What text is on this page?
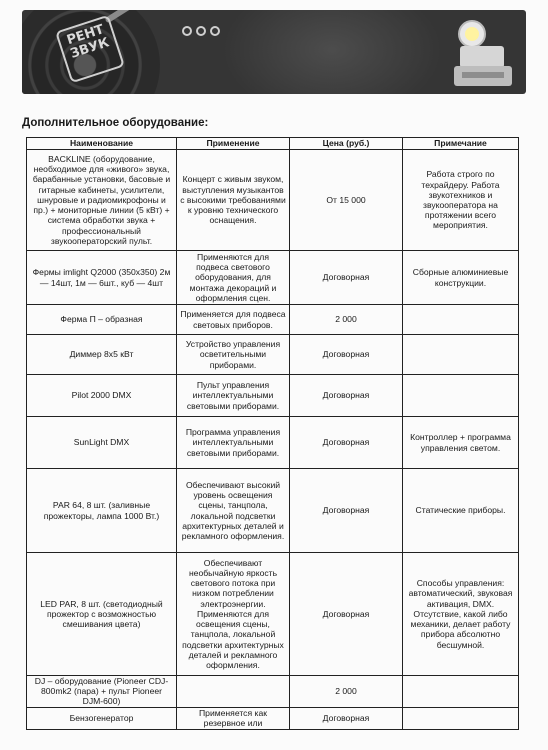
РЕНТ ЗВУК
Дополнительное оборудование:
Наименование	Применение	Цена (руб.)	Примечание
BACKLINE (оборудование, необходимое для «живого» звука, барабанные установки, басовые и гитарные кабинеты, усилители, шнуровые и радиомикрофоны и пр.) + мониторные линии (5 кВт) + система обработки звука + профессиональный звукооператорский пульт.	Концерт с живым звуком, выступления музыкантов с высокими требованиями к уровню технического оснащения.	От 15 000	Работа строго по техрайдеру. Работа звукотехников и звукооператора на протяжении всего мероприятия.
Фермы imlight Q2000 (350х350) 2м — 14шт, 1м — 6шт., куб — 4шт	Применяются для подвеса светового оборудования, для монтажа декораций и оформления сцен.	Договорная	Сборные алюминиевые конструкции.
Ферма П – образная	Применяется для подвеса световых приборов.	2 000	
Диммер 8х5 кВт	Устройство управления осветительными приборами.	Договорная	
Pilot 2000 DMX	Пульт управления интеллектуальными световыми приборами.	Договорная	
SunLight DMX	Программа управления интеллектуальными световыми приборами.	Договорная	Контроллер + программа управления светом.
PAR 64, 8 шт. (заливные прожекторы, лампа 1000 Вт.)	Обеспечивают высокий уровень освещения сцены, танцпола, локальной подсветки архитектурных деталей и рекламного оформления.	Договорная	Статические приборы.
LED PAR, 8 шт. (светодиодный прожектор с возможностью смешивания цвета)	Обеспечивают необычайную яркость светового потока при низком потреблении электроэнергии. Применяются для освещения сцены, танцпола, локальной подсветки архитектурных деталей и рекламного оформления.	Договорная	Способы управления: автоматический, звуковая активация, DMX. Отсутствие, какой либо механики, делает работу прибора абсолютно бесшумной.
DJ – оборудование (Pioneer CDJ-800mk2 (пара) + пульт Pioneer DJM-600)		2 000	
Бензогенератор	Применяется как резервное или	Договорная	
